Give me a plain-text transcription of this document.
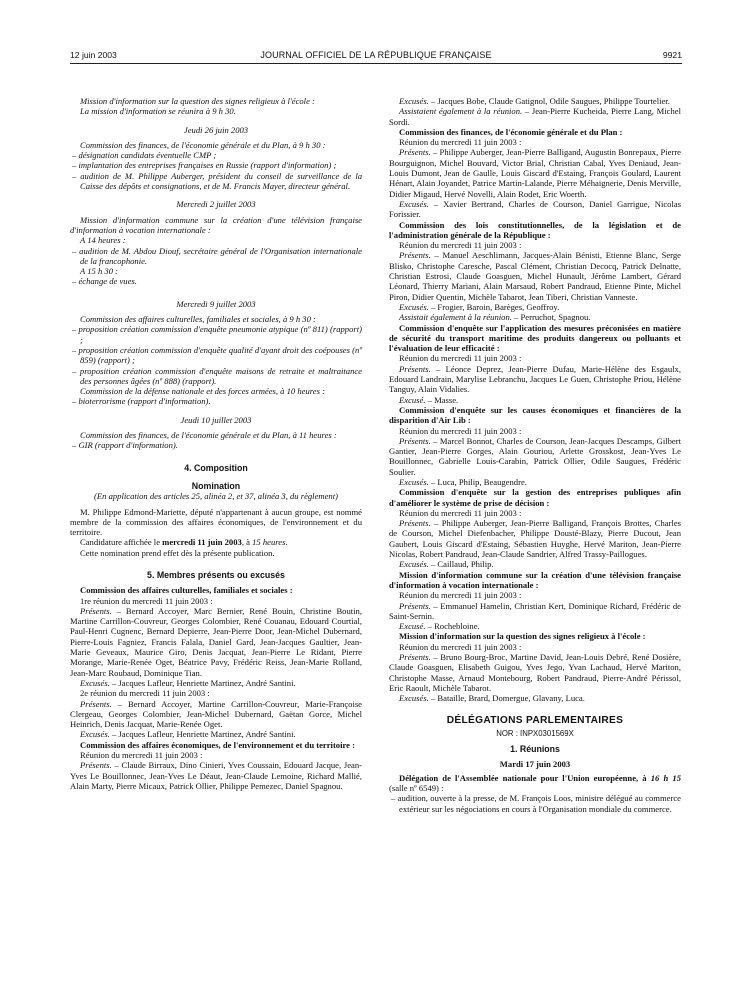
12 juin 2003	JOURNAL OFFICIEL DE LA RÉPUBLIQUE FRANÇAISE	9921

Mission d'information sur la question des signes religieux à l'école :

La mission d'information se réunira à 9 h 30.

Jeudi 26 juin 2003

Commission des finances, de l'économie générale et du Plan, à 9 h 30 :

– désignation candidats éventuelle CMP ;

– implantation des entreprises françaises en Russie (rapport d'information) ;

– audition de M. Philippe Auberger, président du conseil de surveillance de la Caisse des dépôts et consignations, et de M. Francis Mayer, directeur général.

Mercredi 2 juillet 2003

Mission d'information commune sur la création d'une télévision française d'information à vocation internationale :

A 14 heures :

– audition de M. Abdou Diouf, secrétaire général de l'Organisation internationale de la francophonie.

A 15 h 30 :

– échange de vues.

Mercredi 9 juillet 2003

Commission des affaires culturelles, familiales et sociales, à 9 h 30 :

– proposition création commission d'enquête pneumonie atypique (nº 811) (rapport) ;

– proposition création commission d'enquête qualité d'ayant droit des coépouses (nº 859) (rapport) ;

– proposition création commission d'enquête maisons de retraite et maltraitance des personnes âgées (nº 888) (rapport).

Commission de la défense nationale et des forces armées, à 10 heures :

– bioterrorisme (rapport d'information).

Jeudi 10 juillet 2003

Commission des finances, de l'économie générale et du Plan, à 11 heures :

– GIR (rapport d'information).

4. Composition

Nomination

(En application des articles 25, alinéa 2, et 37, alinéa 3, du règlement)

M. Philippe Edmond-Mariette, député n'appartenant à aucun groupe, est nommé membre de la commission des affaires économiques, de l'environnement et du territoire.

Candidature affichée le mercredi 11 juin 2003, à 15 heures.

Cette nomination prend effet dès la présente publication.

5. Membres présents ou excusés

Commission des affaires culturelles, familiales et sociales :

1re réunion du mercredi 11 juin 2003 :

Présents. – Bernard Accoyer, Marc Bernier, René Bouin, Christine Boutin, Martine Carrillon-Couvreur, Georges Colombier, René Couanau, Edouard Courtial, Paul-Henri Cugnenc, Bernard Depierre, Jean-Pierre Door, Jean-Michel Dubernard, Pierre-Louis Fagniez, Francis Falala, Daniel Gard, Jean-Jacques Gaultier, Jean-Marie Geveaux, Maurice Giro, Denis Jacquat, Jean-Pierre Le Ridant, Pierre Morange, Marie-Renée Oget, Béatrice Pavy, Frédéric Reiss, Jean-Marie Rolland, Jean-Marc Roubaud, Dominique Tian.

Excusés. – Jacques Lafleur, Henriette Martinez, André Santini.

2e réunion du mercredi 11 juin 2003 :

Présents. – Bernard Accoyer, Martine Carrillon-Couvreur, Marie-Françoise Clergeau, Georges Colombier, Jean-Michel Dubernard, Gaëtan Gorce, Michel Heinrich, Denis Jacquat, Marie-Renée Oget.

Excusés. – Jacques Lafleur, Henriette Martinez, André Santini.

Commission des affaires économiques, de l'environnement et du territoire :

Réunion du mercredi 11 juin 2003 :

Présents. – Claude Birraux, Dino Cinieri, Yves Coussain, Edouard Jacque, Jean-Yves Le Bouillonnec, Jean-Yves Le Déaut, Jean-Claude Lemoine, Richard Mallié, Alain Marty, Pierre Micaux, Patrick Ollier, Philippe Pemezec, Daniel Spagnou.

Excusés. – Jacques Bobe, Claude Gatignol, Odile Saugues, Philippe Tourtelier.

Assistaient également à la réunion. – Jean-Pierre Kucheida, Pierre Lang, Michel Sordi.

Commission des finances, de l'économie générale et du Plan :

Réunion du mercredi 11 juin 2003 :

Présents. – Philippe Auberger, Jean-Pierre Balligand, Augustin Bonrepaux, Pierre Bourguignon, Michel Bouvard, Victor Brial, Christian Cabal, Yves Deniaud, Jean-Louis Dumont, Jean de Gaulle, Louis Giscard d'Estaing, François Goulard, Laurent Hénart, Alain Joyandet, Patrice Martin-Lalande, Pierre Méhaignerie, Denis Merville, Didier Migaud, Hervé Novelli, Alain Rodet, Eric Woerth.

Excusés. – Xavier Bertrand, Charles de Courson, Daniel Garrigue, Nicolas Forissier.

Commission des lois constitutionnelles, de la législation et de l'administration générale de la République :

Réunion du mercredi 11 juin 2003 :

Présents. – Manuel Aeschlimann, Jacques-Alain Bénisti, Etienne Blanc, Serge Blisko, Christophe Caresche, Pascal Clément, Christian Decocq, Patrick Delnatte, Christian Estrosi, Claude Goasguen, Michel Hunault, Jérôme Lambert, Gérard Léonard, Thierry Mariani, Alain Marsaud, Robert Pandraud, Etienne Pinte, Michel Piron, Didier Quentin, Michèle Tabarot, Jean Tiberi, Christian Vanneste.

Excusés. – Frogier, Baroin, Barèges, Geoffroy.

Assistait également à la réunion. – Perruchot, Spagnou.

Commission d'enquête sur l'application des mesures préconisées en matière de sécurité du transport maritime des produits dangereux ou polluants et l'évaluation de leur efficacité :

Réunion du mercredi 11 juin 2003 :

Présents. – Léonce Deprez, Jean-Pierre Dufau, Marie-Hélène des Esgaulx, Edouard Landrain, Marylise Lebranchu, Jacques Le Guen, Christophe Priou, Hélène Tanguy, Alain Vidalies.

Excusé. – Masse.

Commission d'enquête sur les causes économiques et financières de la disparition d'Air Lib :

Réunion du mercredi 11 juin 2003 :

Présents. – Marcel Bonnot, Charles de Courson, Jean-Jacques Descamps, Gilbert Gantier, Jean-Pierre Gorges, Alain Gouriou, Arlette Grosskost, Jean-Yves Le Bouillonnec, Gabrielle Louis-Carabin, Patrick Ollier, Odile Saugues, Frédéric Soulier.

Excusés. – Luca, Philip, Beaugendre.

Commission d'enquête sur la gestion des entreprises publiques afin d'améliorer le système de prise de décision :

Réunion du mercredi 11 juin 2003 :

Présents. – Philippe Auberger, Jean-Pierre Balligand, François Brottes, Charles de Courson, Michel Diefenbacher, Philippe Dousté-Blazy, Pierre Ducout, Jean Gaubert, Louis Giscard d'Estaing, Sébastien Huyghe, Hervé Mariton, Jean-Pierre Nicolas, Robert Pandraud, Jean-Claude Sandrier, Alfred Trassy-Paillogues.

Excusés. – Caillaud, Philip.

Mission d'information commune sur la création d'une télévision française d'information à vocation internationale :

Réunion du mercredi 11 juin 2003 :

Présents. – Emmanuel Hamelin, Christian Kert, Dominique Richard, Frédéric de Saint-Sernin.

Excusé. – Rochebloine.

Mission d'information sur la question des signes religieux à l'école :

Réunion du mercredi 11 juin 2003 :

Présents. – Bruno Bourg-Broc, Martine David, Jean-Louis Debré, René Dosière, Claude Goasguen, Elisabeth Guigou, Yves Jego, Yvan Lachaud, Hervé Mariton, Christophe Masse, Arnaud Montebourg, Robert Pandraud, Pierre-André Périssol, Eric Raoult, Michèle Tabarot.

Excusés. – Bataille, Brard, Domergue, Glavany, Luca.

DÉLÉGATIONS PARLEMENTAIRES

NOR : INPX0301569X

1. Réunions

Mardi 17 juin 2003

Délégation de l'Assemblée nationale pour l'Union européenne, à 16 h 15 (salle nº 6549) :

– audition, ouverte à la presse, de M. François Loos, ministre délégué au commerce extérieur sur les négociations en cours à l'Organisation mondiale du commerce.
